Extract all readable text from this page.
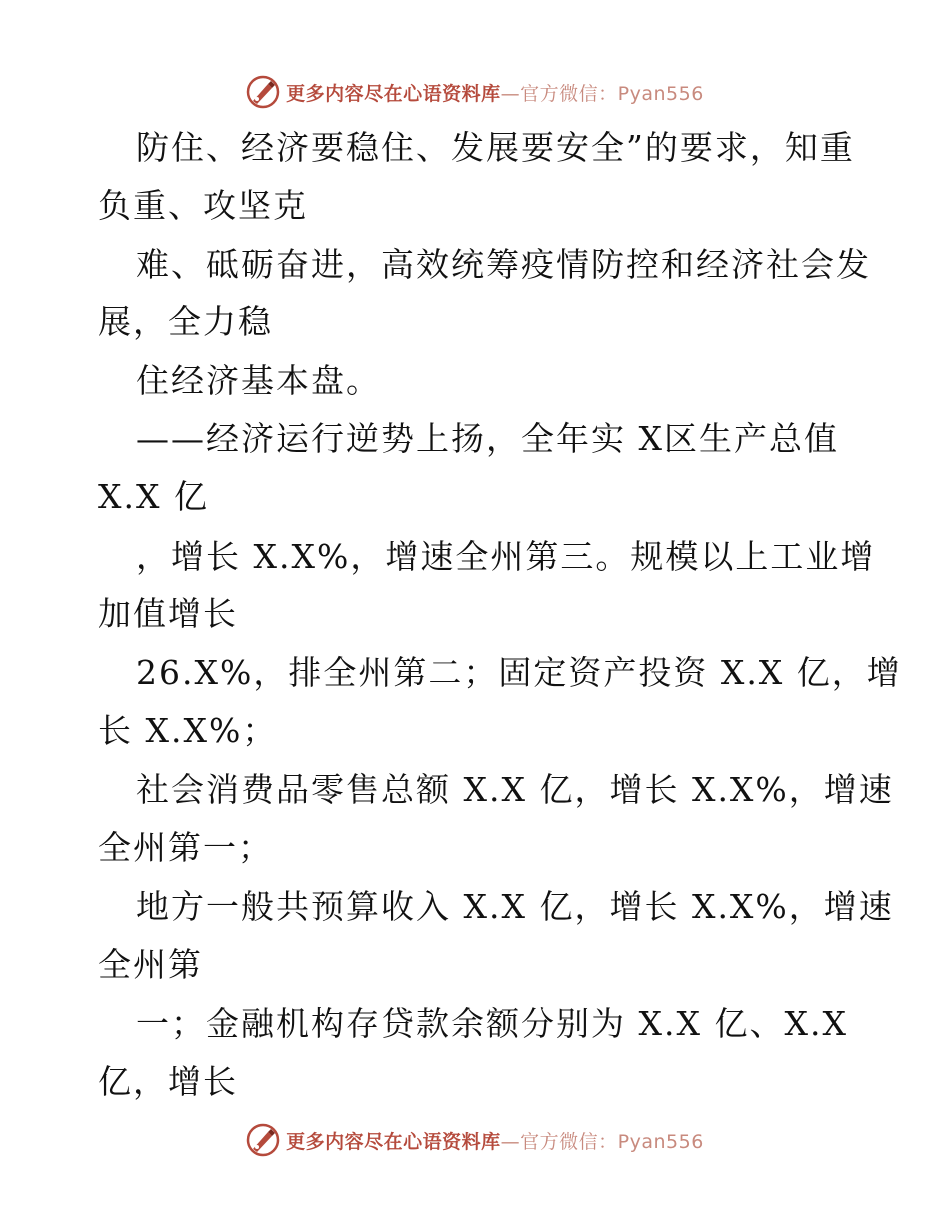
更多内容尽在心语资料库—官方微信：Pyan556
防住、经济要稳住、发展要安全”的要求，知重
负重、攻坚克
难、砥砺奋进，高效统筹疫情防控和经济社会发
展，全力稳
住经济基本盘。
——经济运行逆势上扬，全年实 X区生产总值
X.X 亿
，增长 X.X%，增速全州第三。规模以上工业增
加值增长
26.X%，排全州第二；固定资产投资 X.X 亿，增
长 X.X%；
社会消费品零售总额 X.X 亿，增长 X.X%，增速
全州第一；
地方一般共预算收入 X.X 亿，增长 X.X%，增速
全州第
一；金融机构存贷款余额分别为 X.X 亿、X.X
亿，增长
更多内容尽在心语资料库—官方微信：Pyan556
